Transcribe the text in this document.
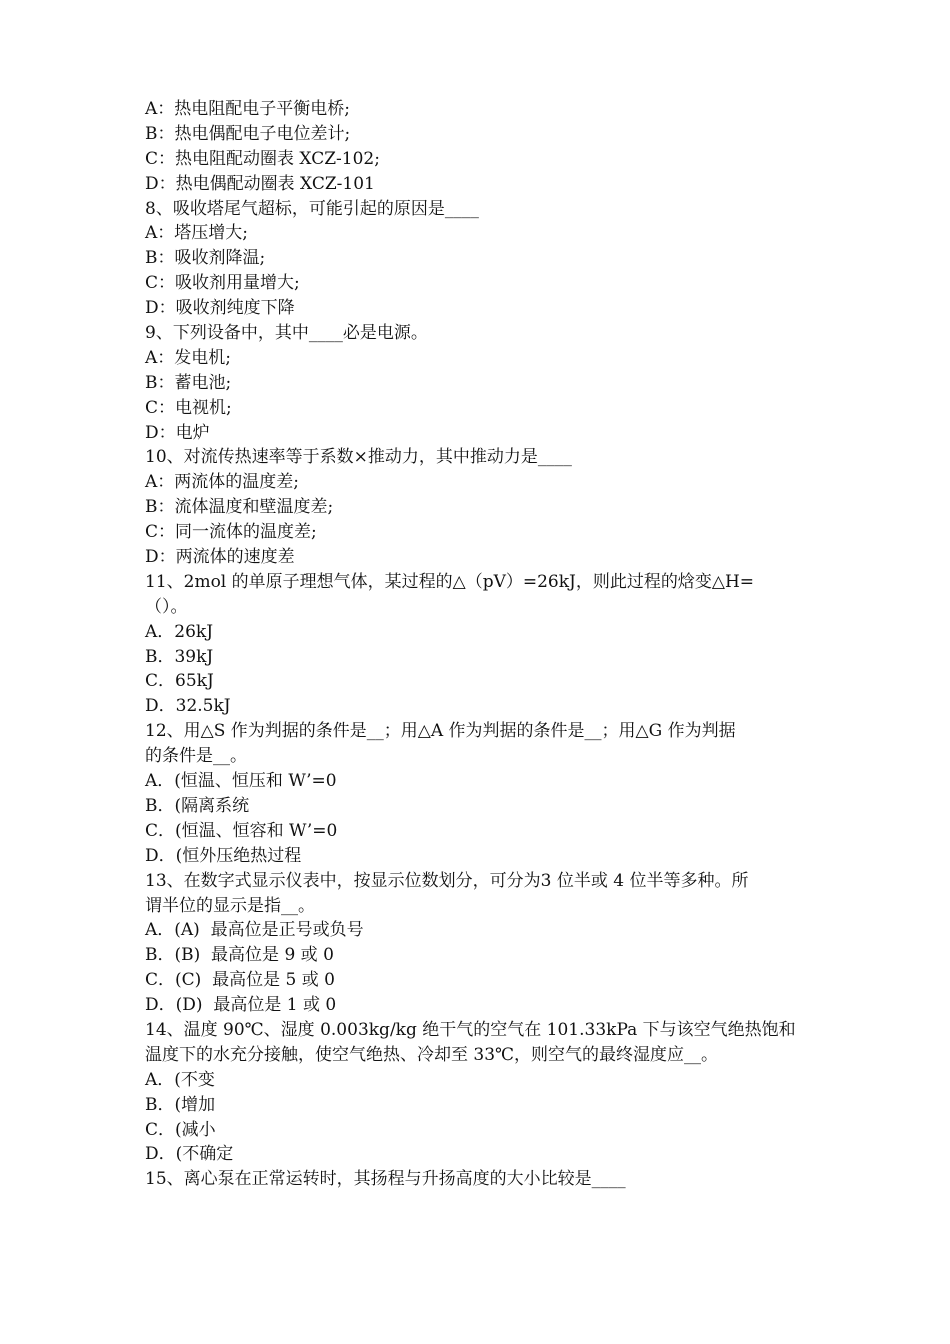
A：热电阻配电子平衡电桥;
B：热电偶配电子电位差计;
C：热电阻配动圈表 XCZ-102;
D：热电偶配动圈表 XCZ-101
8、吸收塔尾气超标，可能引起的原因是____
A：塔压增大;
B：吸收剂降温;
C：吸收剂用量增大;
D：吸收剂纯度下降
9、下列设备中，其中____必是电源。
A：发电机;
B：蓄电池;
C：电视机;
D：电炉
10、对流传热速率等于系数×推动力，其中推动力是____
A：两流体的温度差;
B：流体温度和壁温度差;
C：同一流体的温度差;
D：两流体的速度差
11、2mol 的单原子理想气体，某过程的△（pV）=26kJ，则此过程的焓变△H=
（）。
A．26kJ
B．39kJ
C．65kJ
D．32.5kJ
12、用△S 作为判据的条件是__；用△A 作为判据的条件是__；用△G 作为判据
的条件是__。
A．(恒温、恒压和 W’=0
B．(隔离系统
C．(恒温、恒容和 W’=0
D．(恒外压绝热过程
13、在数字式显示仪表中，按显示位数划分，可分为3 位半或 4 位半等多种。所
谓半位的显示是指__。
A．(A)  最高位是正号或负号
B．(B)  最高位是 9 或 0
C．(C)  最高位是 5 或 0
D．(D)  最高位是 1 或 0
14、温度 90℃、湿度 0.003kg/kg 绝干气的空气在 101.33kPa 下与该空气绝热饱和
温度下的水充分接触，使空气绝热、冷却至 33℃，则空气的最终湿度应__。
A．(不变
B．(增加
C．(减小
D．(不确定
15、离心泵在正常运转时，其扬程与升扬高度的大小比较是____
